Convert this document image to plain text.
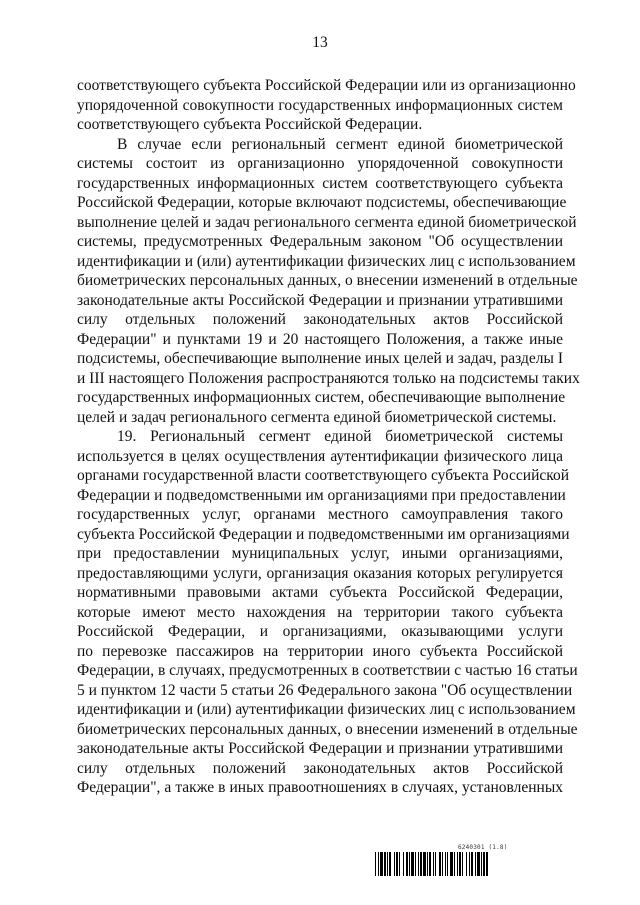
13
соответствующего субъекта Российской Федерации или из организационно
упорядоченной совокупности государственных информационных систем
соответствующего субъекта Российской Федерации.
В случае если региональный сегмент единой биометрической
системы состоит из организационно упорядоченной совокупности
государственных информационных систем соответствующего субъекта
Российской Федерации, которые включают подсистемы, обеспечивающие
выполнение целей и задач регионального сегмента единой биометрической
системы, предусмотренных Федеральным законом "Об осуществлении
идентификации и (или) аутентификации физических лиц с использованием
биометрических персональных данных, о внесении изменений в отдельные
законодательные акты Российской Федерации и признании утратившими
силу отдельных положений законодательных актов Российской
Федерации" и пунктами 19 и 20 настоящего Положения, а также иные
подсистемы, обеспечивающие выполнение иных целей и задач, разделы I
и III настоящего Положения распространяются только на подсистемы таких
государственных информационных систем, обеспечивающие выполнение
целей и задач регионального сегмента единой биометрической системы.
19. Региональный сегмент единой биометрической системы
используется в целях осуществления аутентификации физического лица
органами государственной власти соответствующего субъекта Российской
Федерации и подведомственными им организациями при предоставлении
государственных услуг, органами местного самоуправления такого
субъекта Российской Федерации и подведомственными им организациями
при предоставлении муниципальных услуг, иными организациями,
предоставляющими услуги, организация оказания которых регулируется
нормативными правовыми актами субъекта Российской Федерации,
которые имеют место нахождения на территории такого субъекта
Российской Федерации, и организациями, оказывающими услуги
по перевозке пассажиров на территории иного субъекта Российской
Федерации, в случаях, предусмотренных в соответствии с частью 16 статьи
5 и пунктом 12 части 5 статьи 26 Федерального закона "Об осуществлении
идентификации и (или) аутентификации физических лиц с использованием
биометрических персональных данных, о внесении изменений в отдельные
законодательные акты Российской Федерации и признании утратившими
силу отдельных положений законодательных актов Российской
Федерации", а также в иных правоотношениях в случаях, установленных
6240301 (1.8)
